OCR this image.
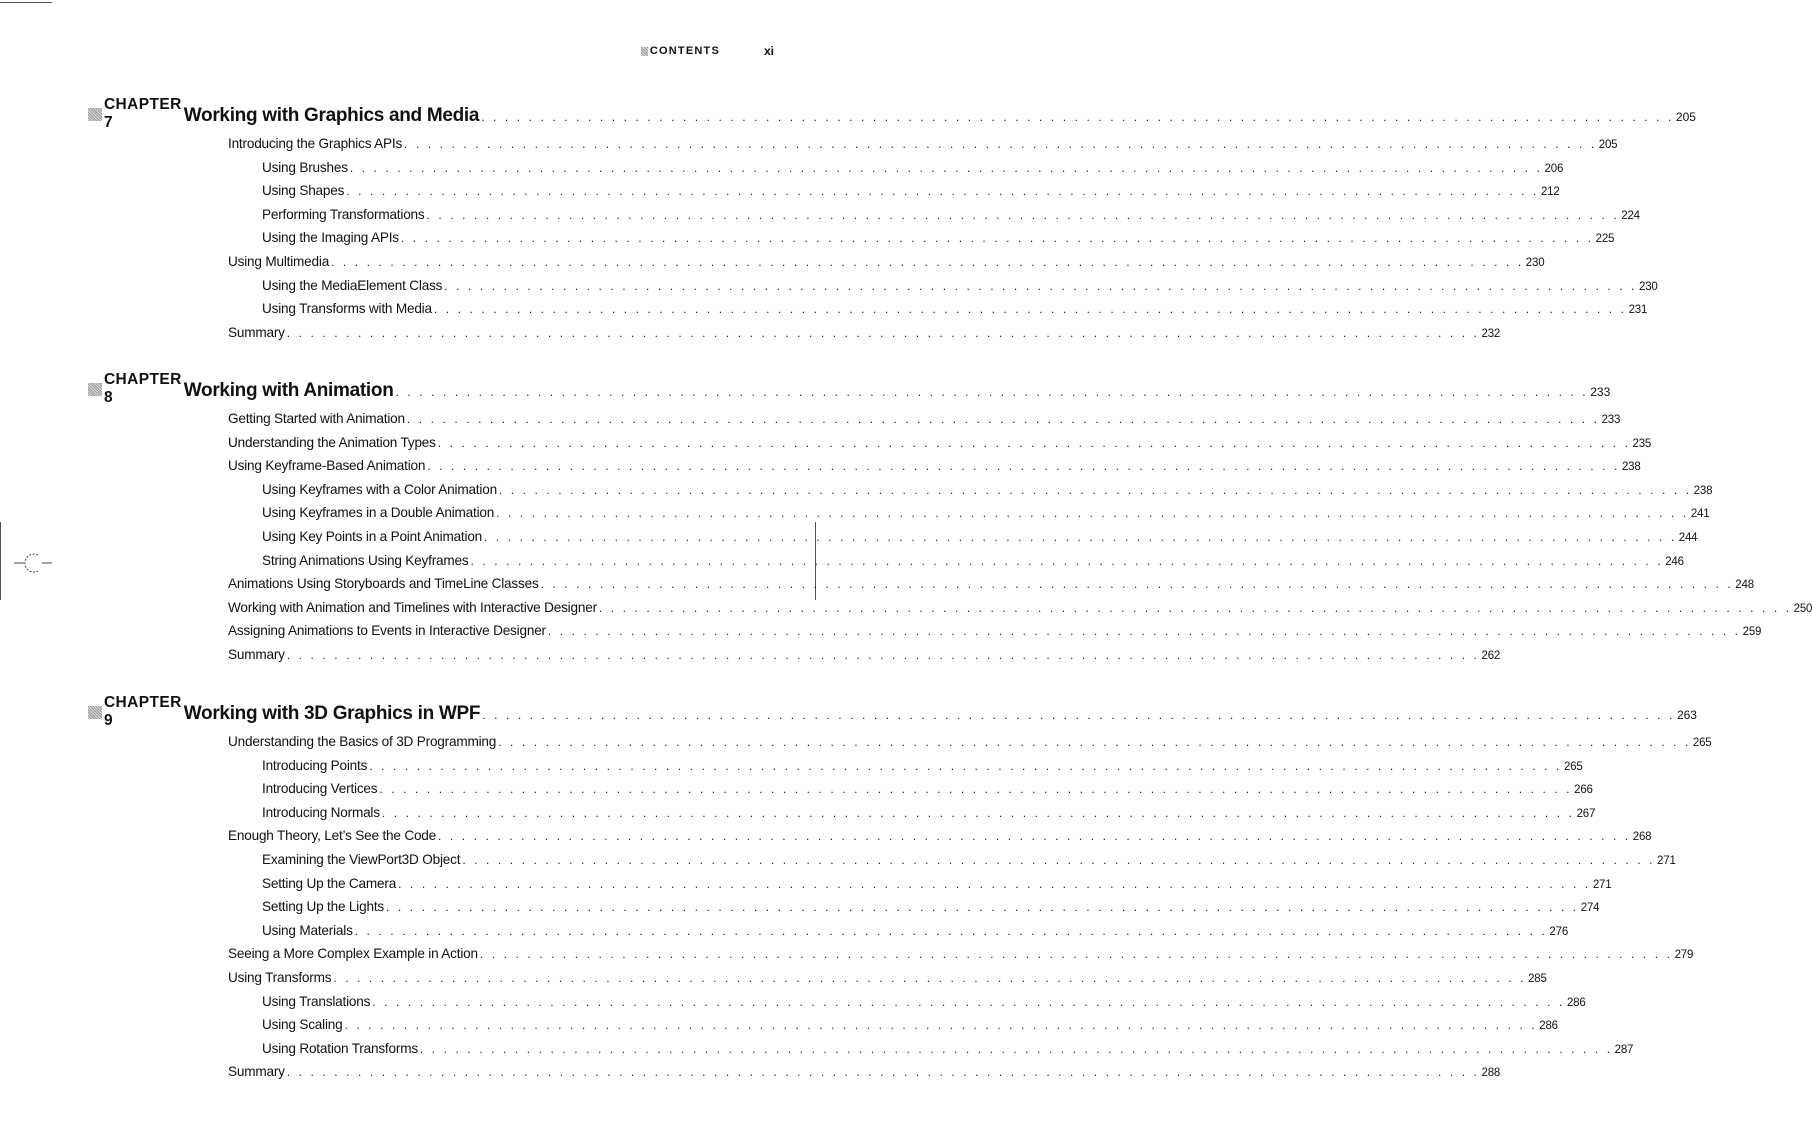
CONTENTS	xi
CHAPTER 7	Working with Graphics and Media . . .	205
Introducing the Graphics APIs . . .	205
Using Brushes . . .	206
Using Shapes . . .	212
Performing Transformations . . .	224
Using the Imaging APIs . . .	225
Using Multimedia . . .	230
Using the MediaElement Class . . .	230
Using Transforms with Media . . .	231
Summary . . .	232
CHAPTER 8	Working with Animation . . .	233
Getting Started with Animation . . .	233
Understanding the Animation Types . . .	235
Using Keyframe-Based Animation . . .	238
Using Keyframes with a Color Animation . . .	238
Using Keyframes in a Double Animation . . .	241
Using Key Points in a Point Animation . . .	244
String Animations Using Keyframes . . .	246
Animations Using Storyboards and TimeLine Classes . . .	248
Working with Animation and Timelines with Interactive Designer . . .	250
Assigning Animations to Events in Interactive Designer . . .	259
Summary . . .	262
CHAPTER 9	Working with 3D Graphics in WPF . . .	263
Understanding the Basics of 3D Programming . . .	265
Introducing Points . . .	265
Introducing Vertices . . .	266
Introducing Normals . . .	267
Enough Theory, Let’s See the Code . . .	268
Examining the ViewPort3D Object . . .	271
Setting Up the Camera . . .	271
Setting Up the Lights . . .	274
Using Materials . . .	276
Seeing a More Complex Example in Action . . .	279
Using Transforms . . .	285
Using Translations . . .	286
Using Scaling . . .	286
Using Rotation Transforms . . .	287
Summary . . .	288
